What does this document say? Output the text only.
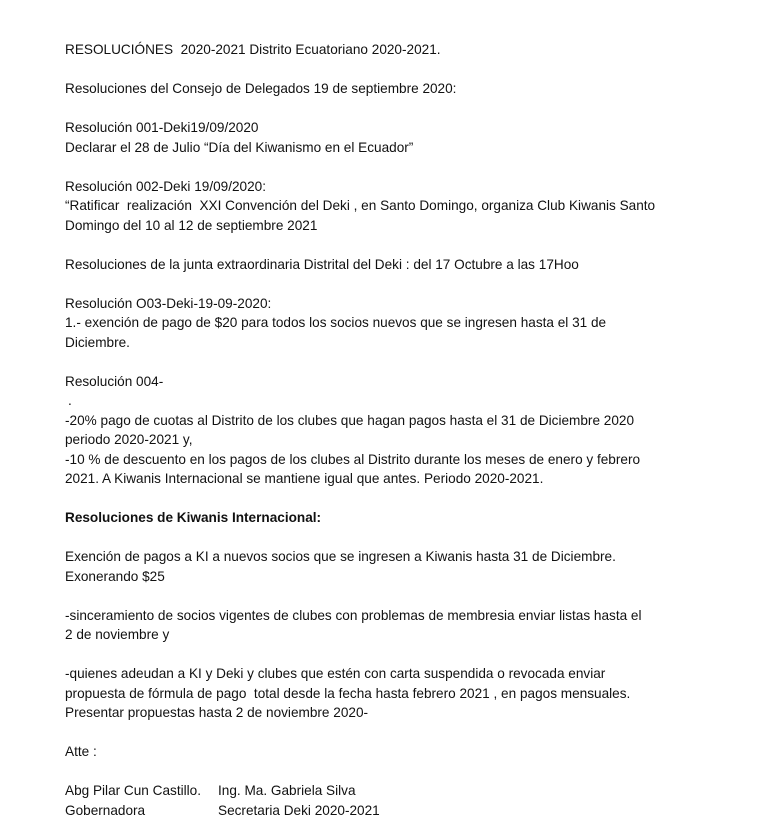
RESOLUCIÓNES  2020-2021 Distrito Ecuatoriano 2020-2021.
Resoluciones del Consejo de Delegados 19 de septiembre 2020:
Resolución 001-Deki19/09/2020
Declarar el 28 de Julio “Día del Kiwanismo en el Ecuador”
Resolución 002-Deki 19/09/2020:
“Ratificar  realización  XXI Convención del Deki , en Santo Domingo, organiza Club Kiwanis Santo
Domingo del 10 al 12 de septiembre 2021
Resoluciones de la junta extraordinaria Distrital del Deki : del 17 Octubre a las 17Hoo
Resolución O03-Deki-19-09-2020:
1.- exención de pago de $20 para todos los socios nuevos que se ingresen hasta el 31 de
Diciembre.
Resolución 004-
.
-20% pago de cuotas al Distrito de los clubes que hagan pagos hasta el 31 de Diciembre 2020
periodo 2020-2021 y,
-10 % de descuento en los pagos de los clubes al Distrito durante los meses de enero y febrero
2021. A Kiwanis Internacional se mantiene igual que antes. Periodo 2020-2021.
Resoluciones de Kiwanis Internacional:
Exención de pagos a KI a nuevos socios que se ingresen a Kiwanis hasta 31 de Diciembre.
Exonerando $25
-sinceramiento de socios vigentes de clubes con problemas de membresia enviar listas hasta el
2 de noviembre y
-quienes adeudan a KI y Deki y clubes que estén con carta suspendida o revocada enviar
propuesta de fórmula de pago  total desde la fecha hasta febrero 2021 , en pagos mensuales.
Presentar propuestas hasta 2 de noviembre 2020-
Atte :
Abg Pilar Cun Castillo.	Ing. Ma. Gabriela Silva
Gobernadora	Secretaria Deki 2020-2021
